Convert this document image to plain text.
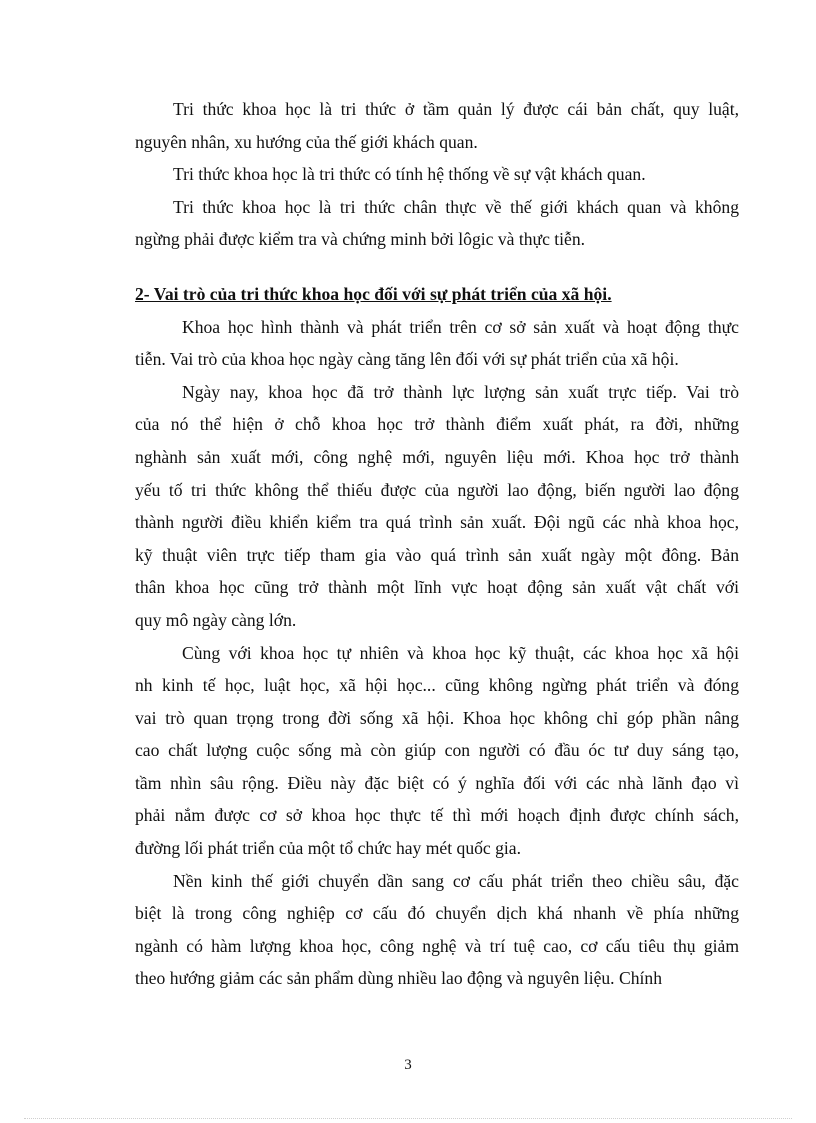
Tri thức khoa học là tri thức ở tầm quản lý được cái bản chất, quy luật,
nguyên nhân, xu hướng của thế giới khách quan.
Tri thức khoa học là tri thức có tính hệ thống về sự vật khách quan.
Tri thức khoa học là tri thức chân thực về thế giới khách quan và không
ngừng phải được kiểm tra và chứng minh bởi lôgic và thực tiễn.
2- Vai trò của tri thức khoa học đối với sự phát triển của xã hội.
Khoa học hình thành và phát triển trên cơ sở sản xuất và hoạt động thực
tiễn. Vai trò của khoa học ngày càng tăng lên đối với sự phát triển của xã hội.
Ngày nay, khoa học đã trở thành lực lượng sản xuất trực tiếp. Vai trò
của nó thể hiện ở chỗ khoa học trở thành điểm xuất phát, ra đời, những
nghành sản xuất mới, công nghệ mới, nguyên liệu mới. Khoa học trở thành
yếu tố tri thức không thể thiếu được của người lao động, biến người lao động
thành người điều khiển kiểm tra quá trình sản xuất. Đội ngũ các nhà khoa học,
kỹ thuật viên trực tiếp tham gia vào quá trình sản xuất ngày một đông. Bản
thân khoa học cũng trở thành một lĩnh vực hoạt động sản xuất vật chất với
quy mô ngày càng lớn.
Cùng với khoa học tự nhiên và khoa học kỹ thuật, các khoa học xã hội
nh kinh tế học, luật học, xã hội học... cũng không ngừng phát triển và đóng
vai trò quan trọng trong đời sống xã hội. Khoa học không chỉ góp phần nâng
cao chất lượng cuộc sống mà còn giúp con người có đầu óc tư duy sáng tạo,
tầm nhìn sâu rộng. Điều này đặc biệt có ý nghĩa đối với các nhà lãnh đạo vì
phải nắm được cơ sở khoa học thực tế thì mới hoạch định được chính sách,
đường lối phát triển của một tổ chức hay mét quốc gia.
Nền kinh thế giới chuyển dần sang cơ cấu phát triển theo chiều sâu, đặc
biệt là trong công nghiệp cơ cấu đó chuyển dịch khá nhanh về phía những
ngành có hàm lượng khoa học, công nghệ và trí tuệ cao, cơ cấu tiêu thụ giảm
theo hướng giảm các sản phẩm dùng nhiều lao động và nguyên liệu. Chính
3
